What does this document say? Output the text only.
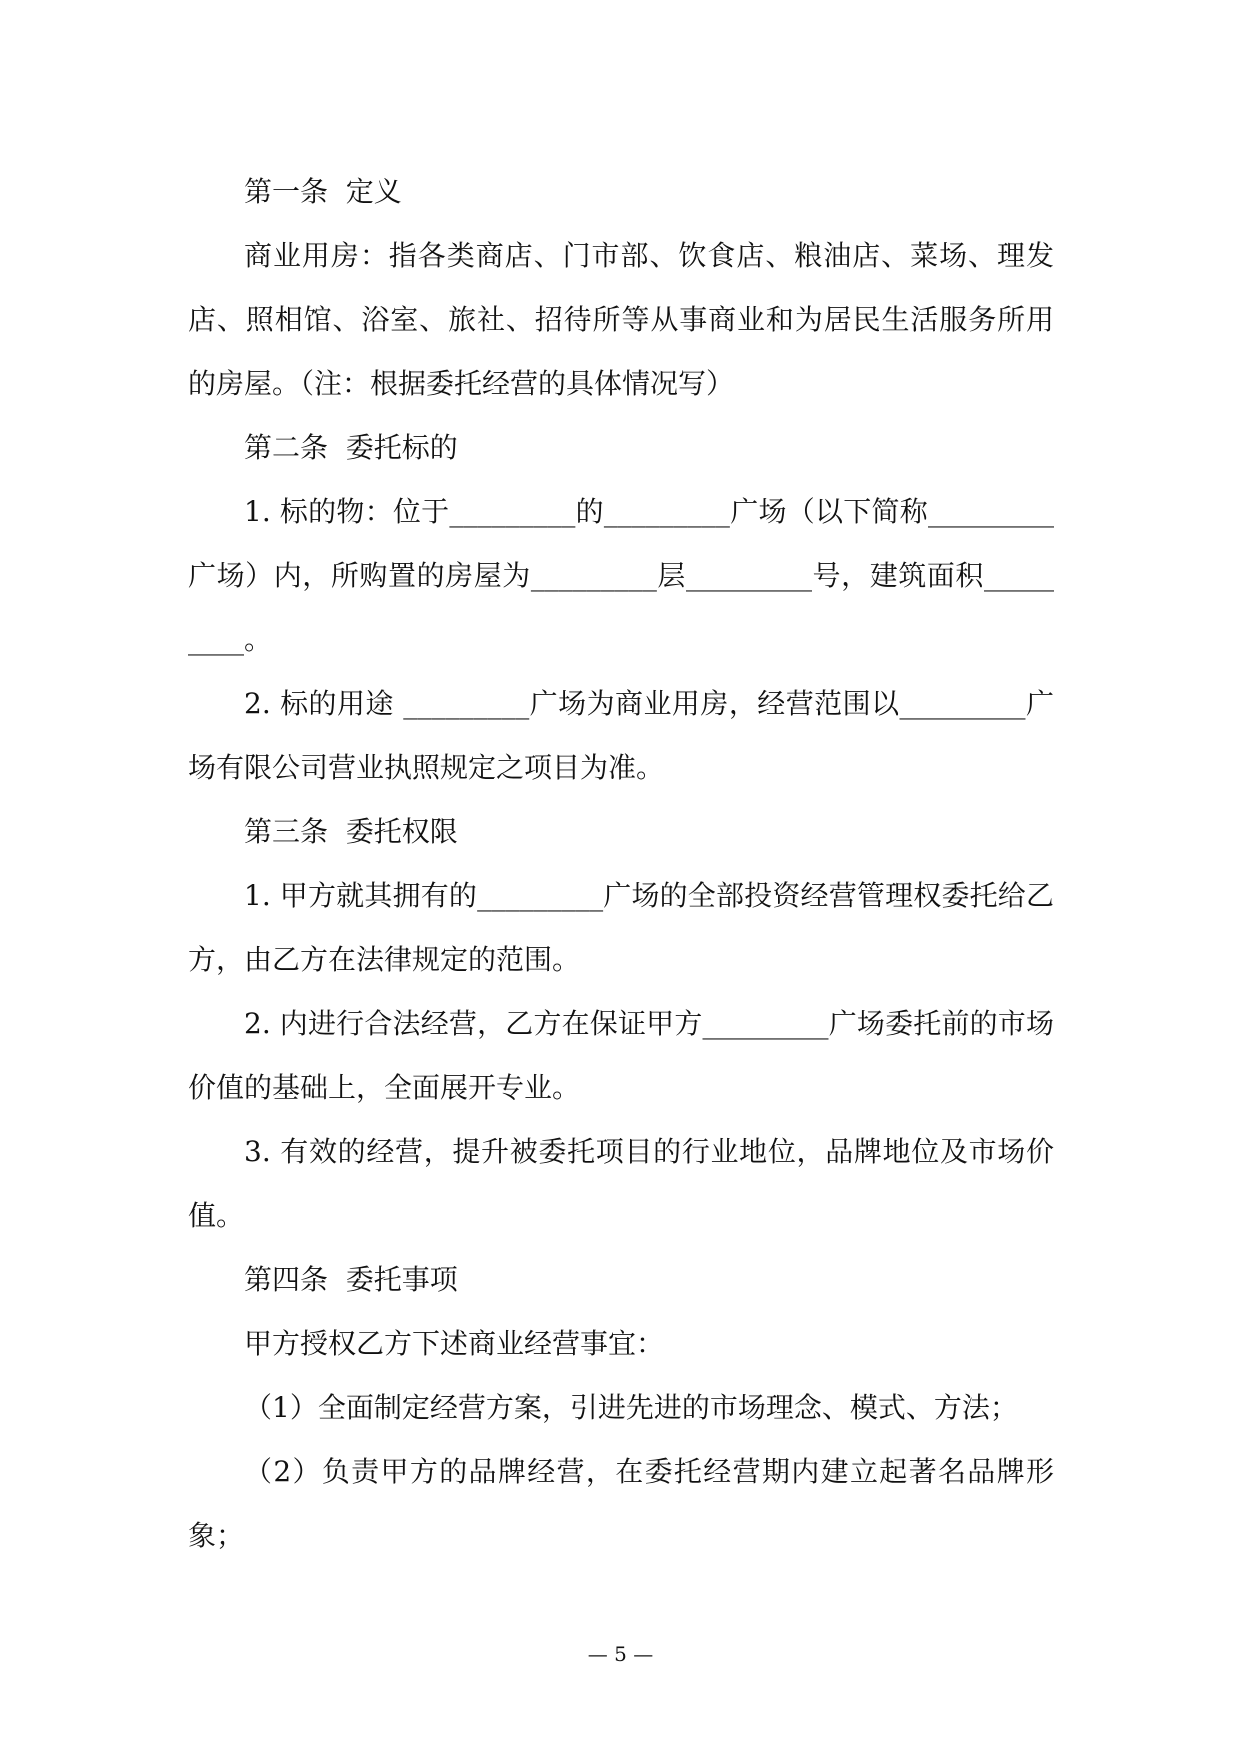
第一条  定义

商业用房：指各类商店、门市部、饮食店、粮油店、菜场、理发店、照相馆、浴室、旅社、招待所等从事商业和为居民生活服务所用的房屋。（注：根据委托经营的具体情况写）

第二条  委托标的

1. 标的物：位于_________的_________广场（以下简称_________广场）内，所购置的房屋为_________层_________号，建筑面积_________。

2. 标的用途 _________广场为商业用房，经营范围以_________广场有限公司营业执照规定之项目为准。

第三条  委托权限

1. 甲方就其拥有的_________广场的全部投资经营管理权委托给乙方，由乙方在法律规定的范围。

2. 内进行合法经营，乙方在保证甲方_________广场委托前的市场价值的基础上，全面展开专业。

3. 有效的经营，提升被委托项目的行业地位，品牌地位及市场价值。

第四条  委托事项

甲方授权乙方下述商业经营事宜：

（1）全面制定经营方案，引进先进的市场理念、模式、方法；

（2）负责甲方的品牌经营，在委托经营期内建立起著名品牌形象；

— 5 —
